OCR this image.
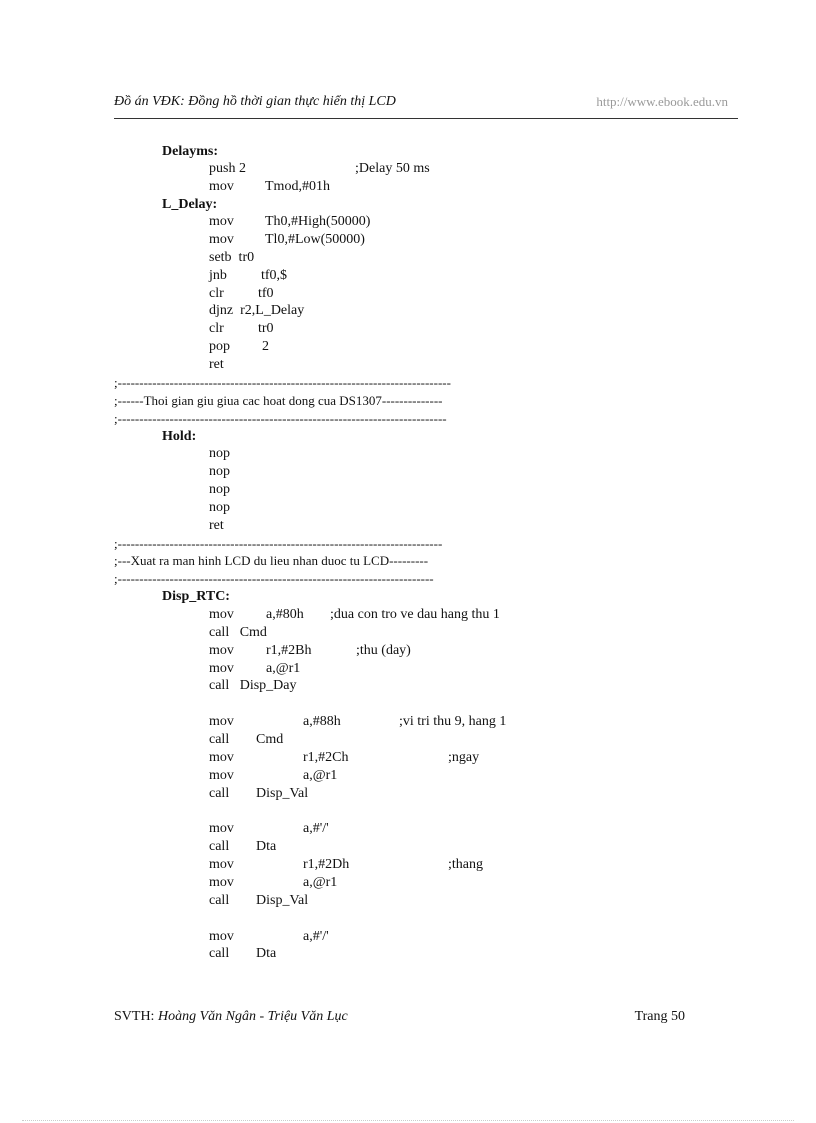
Đồ án VĐK: Đồng hồ thời gian thực hiển thị LCD	http://www.ebook.edu.vn
Delayms:
push 2	;Delay 50 ms
mov Tmod,#01h
L_Delay:
mov Th0,#High(50000)
mov Tl0,#Low(50000)
setb  tr0
jnb tf0,$
clr tf0
djnz  r2,L_Delay
clr tr0
pop 2
ret
;-----------------------------------------------------------------------------
;------Thoi gian giu giua cac hoat dong cua DS1307--------------
;----------------------------------------------------------------------------
Hold:
nop
nop
nop
nop
ret
;---------------------------------------------------------------------------
;---Xuat ra man hinh LCD du lieu nhan duoc tu LCD---------
;-------------------------------------------------------------------------
Disp_RTC:
mov a,#80h ;dua con tro ve dau hang thu 1
call   Cmd
mov r1,#2Bh	;thu (day)
mov a,@r1
call   Disp_Day
mov	a,#88h	;vi tri thu 9, hang 1
call Cmd
mov	r1,#2Ch	;ngay
mov	a,@r1
call Disp_Val
mov	a,#'/'
call Dta
mov	r1,#2Dh	;thang
mov	a,@r1
call Disp_Val
mov	a,#'/'
call Dta
SVTH: Hoàng Văn Ngân - Triệu Văn Lục	Trang 50
